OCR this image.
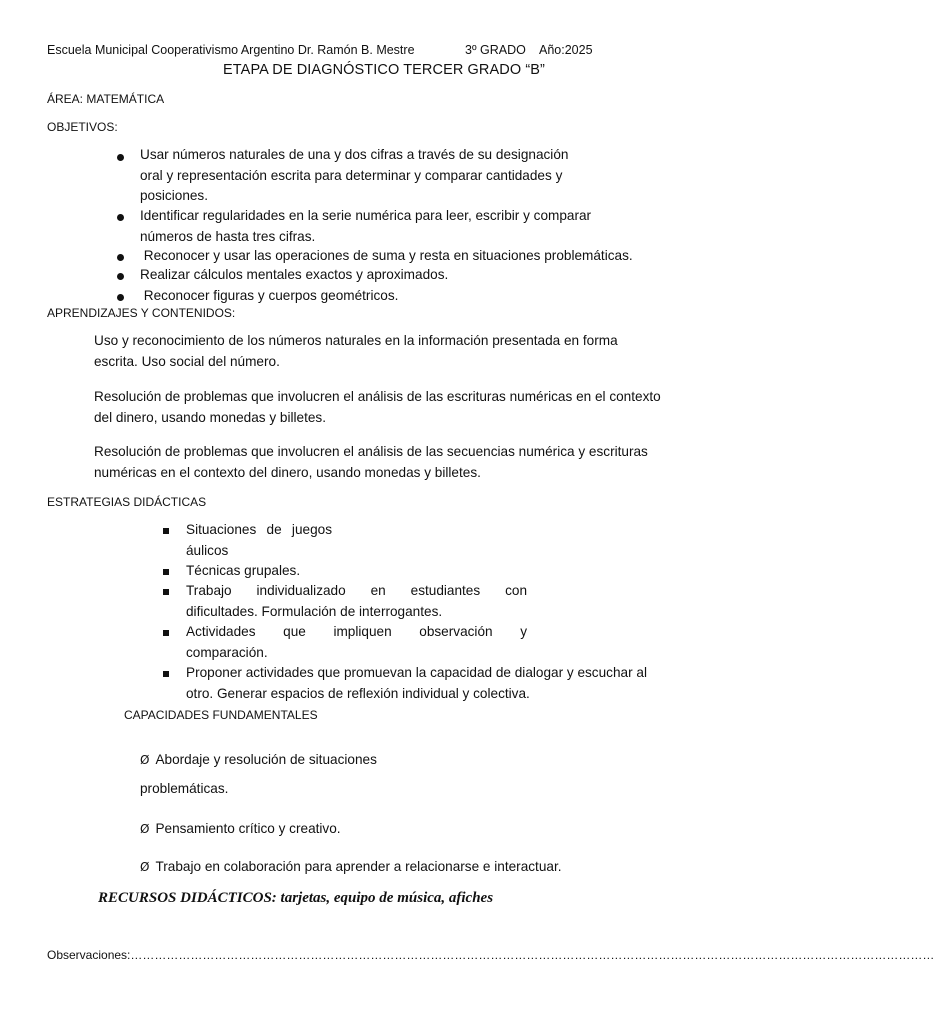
Escuela Municipal Cooperativismo Argentino Dr. Ramón B. Mestre	3º GRADO Año:2025
ETAPA DE DIAGNÓSTICO TERCER GRADO “B”
ÁREA: MATEMÁTICA
OBJETIVOS:
Usar números naturales de una y dos cifras a través de su designación
oral y representación escrita para determinar y comparar cantidades y
posiciones.
Identificar regularidades en la serie numérica para leer, escribir y comparar
números de hasta tres cifras.
Reconocer y usar las operaciones de suma y resta en situaciones problemáticas.
Realizar cálculos mentales exactos y aproximados.
Reconocer figuras y cuerpos geométricos.
APRENDIZAJES Y CONTENIDOS:
Uso y reconocimiento de los números naturales en la información presentada en forma
escrita. Uso social del número.
Resolución de problemas que involucren el análisis de las escrituras numéricas en el contexto
del dinero, usando monedas y billetes.
Resolución de problemas que involucren el análisis de las secuencias numérica y escrituras
numéricas en el contexto del dinero, usando monedas y billetes.
ESTRATEGIAS DIDÁCTICAS
Situaciones de juegos
áulicos
Técnicas grupales.
Trabajo individualizado en estudiantes con
dificultades. Formulación de interrogantes.
Actividades que impliquen observación y
comparación.
Proponer actividades que promuevan la capacidad de dialogar y escuchar al
otro. Generar espacios de reflexión individual y colectiva.
CAPACIDADES FUNDAMENTALES
Ø Abordaje y resolución de situaciones
problemáticas.
Ø Pensamiento crítico y creativo.
Ø Trabajo en colaboración para aprender a relacionarse e interactuar.
RECURSOS DIDÁCTICOS: tarjetas, equipo de música, afiches
Observaciones:…………………………………………………………………………………………………………………………………………………………………………………
